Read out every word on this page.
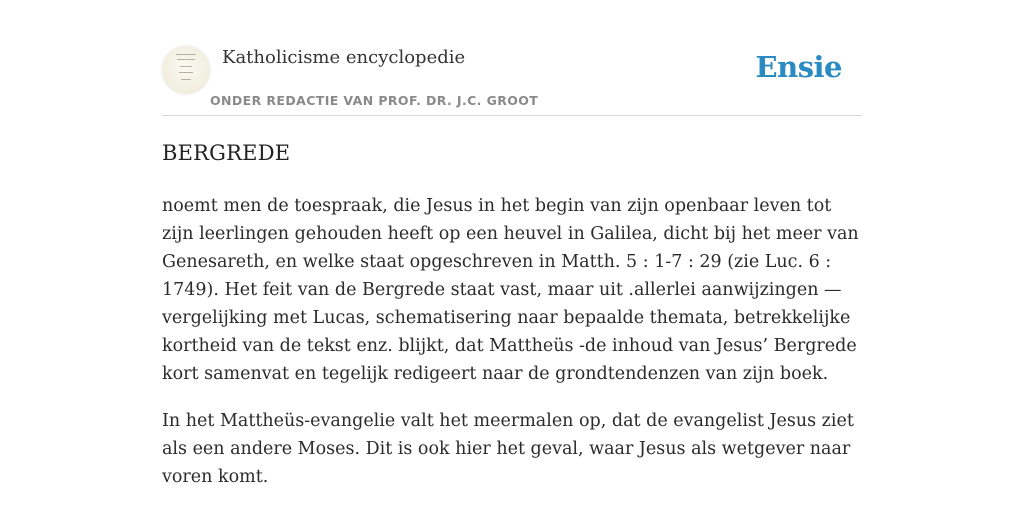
Katholicisme encyclopedie
ONDER REDACTIE VAN PROF. DR. J.C. GROOT
Ensie
BERGREDE

noemt men de toespraak, die Jesus in het begin van zijn openbaar leven tot zijn leerlingen gehouden heeft op een heuvel in Galilea, dicht bij het meer van Genesareth, en welke staat opgeschreven in Matth. 5 : 1-7 : 29 (zie Luc. 6 : 1749). Het feit van de Bergrede staat vast, maar uit .allerlei aanwijzingen — vergelijking met Lucas, schematisering naar bepaalde themata, betrekkelijke kortheid van de tekst enz. blijkt, dat Mattheüs -de inhoud van Jesus’ Bergrede kort samenvat en tegelijk redigeert naar de grondtendenzen van zijn boek.

In het Mattheüs-evangelie valt het meermalen op, dat de evangelist Jesus ziet als een andere Moses. Dit is ook hier het geval, waar Jesus als wetgever naar voren komt.
